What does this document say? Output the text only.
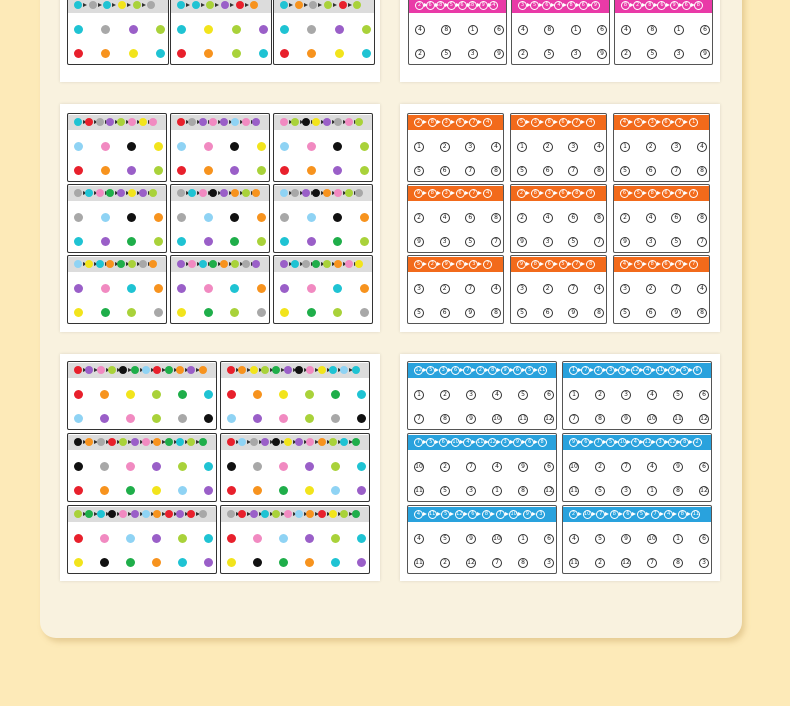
2	6	8	5	6	8	9	4
4	8	1	6
2	5	3	9
3	5	6	4	8	6	9
4	8	1	6
2	5	3	9
8	2	8	6	9	6	8
4	8	1	6
2	5	3	9
2	8	3	6	7	4
1	2	3	4
5	6	7	8
5	3	8	6	7	4
1	2	3	4
5	6	7	8
4	5	3	6	7	1
1	2	3	4
5	6	7	8
9	8	3	6	7	4
2	4	6	8
9	3	5	7
2	8	3	6	8	9
2	4	6	8
9	3	5	7
6	5	8	6	9	7
2	4	6	8
9	3	5	7
5	2	9	6	3	7
3	2	7	4
5	6	9	8
9	8	6	5	7	8
3	2	7	4
5	6	9	8
4	5	8	6	9	7
3	2	7	4
5	6	9	8
12	5	3	6	7	2	8	9	6	5	11
1	2	3	4	5	6
7	8	9	10	11	12
1	7	2	3	6	12	4	11	9	5	6
1	2	3	4	5	6
7	8	9	10	11	12
7	5	6	10	4	11 12	3	9	6	8
10	2	7	4	9	6
11	5	3	1	8	12
9	6	7	5	10	4	11	3	12	8	2
10	2	7	4	9	6
11	5	3	1	8	12
4	11	5	12	6	8	7	10	9	3
4	5	9	10	1	6
11	2	12	7	8	3
2	10	7	8	6	5	7	4	8	11
4	5	9	10	1	6
11	2	12	7	8	3
